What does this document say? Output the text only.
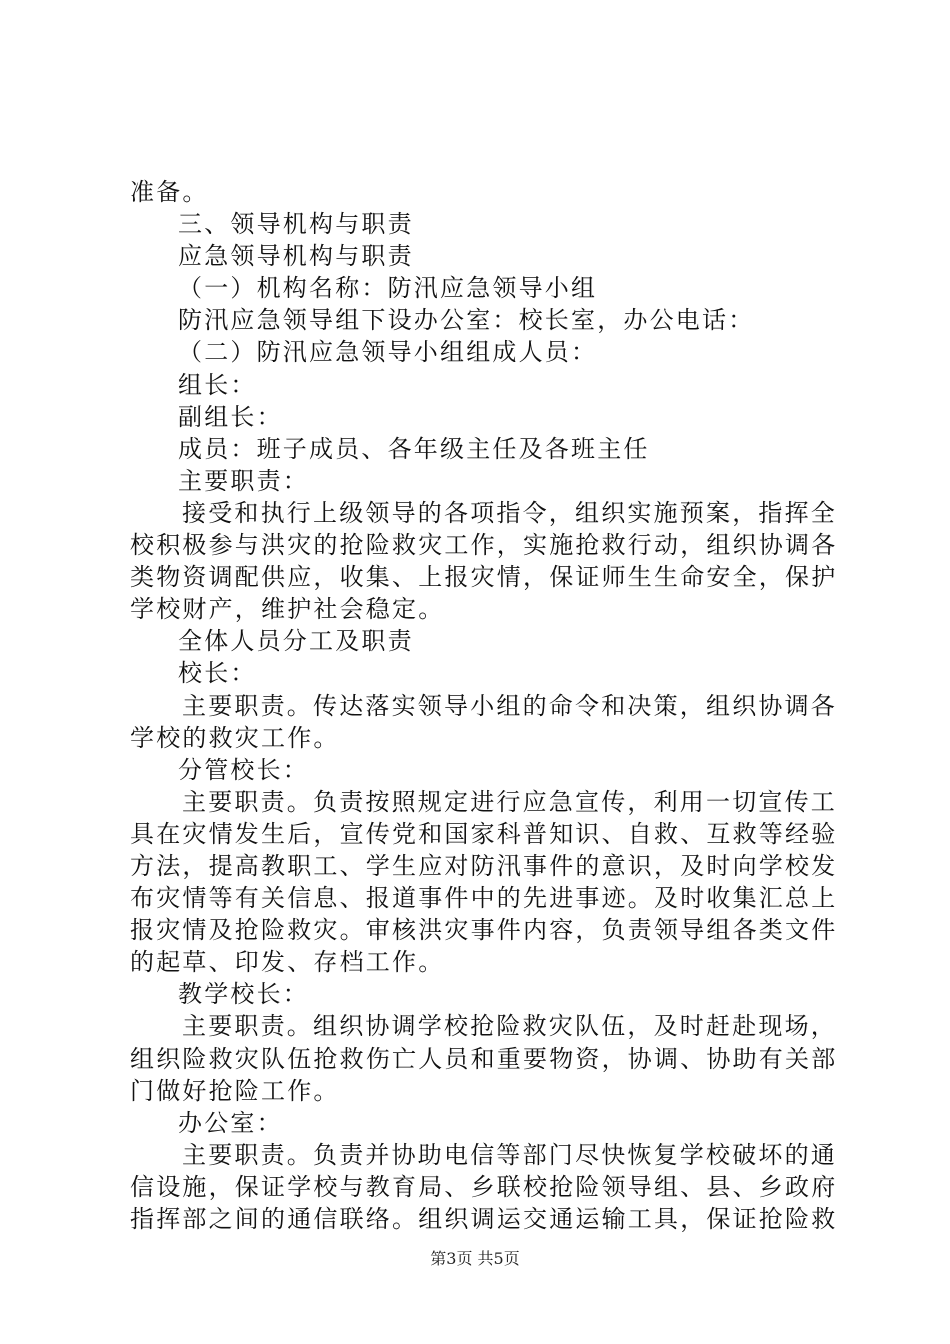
准备。
三、领导机构与职责
应急领导机构与职责
（一）机构名称：防汛应急领导小组
防汛应急领导组下设办公室：校长室，办公电话：
（二）防汛应急领导小组组成人员：
组长：
副组长：
成员：班子成员、各年级主任及各班主任
主要职责：
接受和执行上级领导的各项指令，组织实施预案，指挥全
校积极参与洪灾的抢险救灾工作，实施抢救行动，组织协调各
类物资调配供应，收集、上报灾情，保证师生生命安全，保护
学校财产，维护社会稳定。
全体人员分工及职责
校长：
主要职责。传达落实领导小组的命令和决策，组织协调各
学校的救灾工作。
分管校长：
主要职责。负责按照规定进行应急宣传，利用一切宣传工
具在灾情发生后，宣传党和国家科普知识、自救、互救等经验
方法，提高教职工、学生应对防汛事件的意识，及时向学校发
布灾情等有关信息、报道事件中的先进事迹。及时收集汇总上
报灾情及抢险救灾。审核洪灾事件内容，负责领导组各类文件
的起草、印发、存档工作。
教学校长：
主要职责。组织协调学校抢险救灾队伍，及时赶赴现场，
组织险救灾队伍抢救伤亡人员和重要物资，协调、协助有关部
门做好抢险工作。
办公室：
主要职责。负责并协助电信等部门尽快恢复学校破坏的通
信设施，保证学校与教育局、乡联校抢险领导组、县、乡政府
指挥部之间的通信联络。组织调运交通运输工具，保证抢险救
第3页 共5页
